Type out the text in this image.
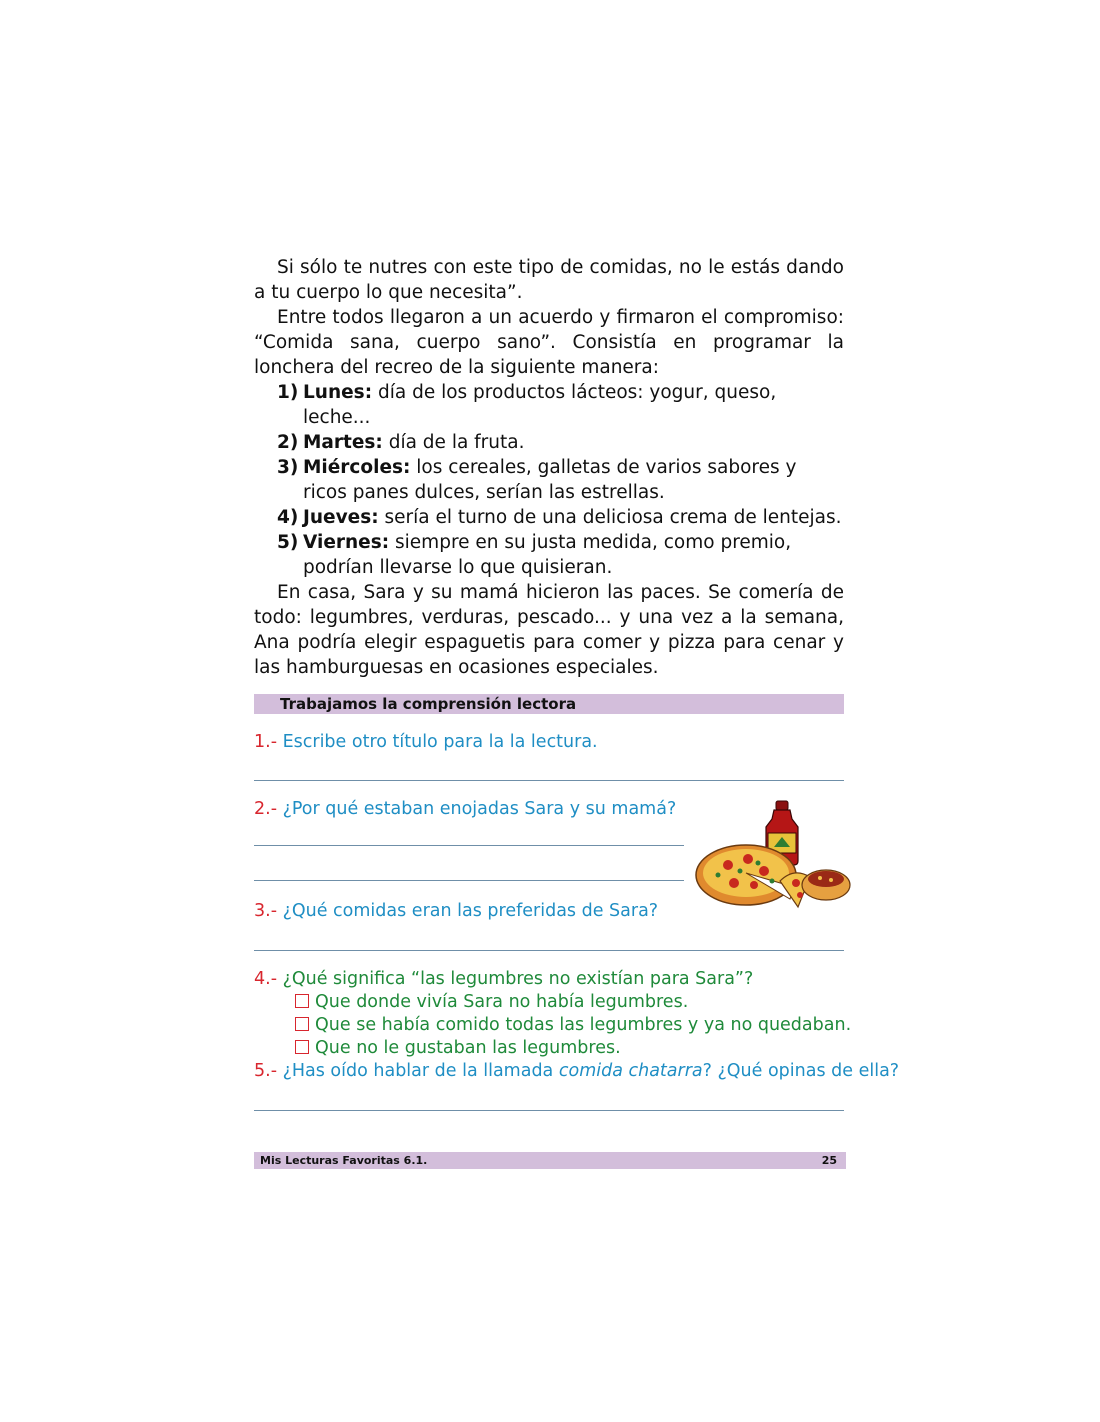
Si sólo te nutres con este tipo de comidas, no le estás dando a tu cuerpo lo que necesita”.

Entre todos llegaron a un acuerdo y firmaron el compromiso: “Comida sana, cuerpo sano”. Consistía en programar la lonchera del recreo de la siguiente manera:

1) Lunes: día de los productos lácteos: yogur, queso, leche...
2) Martes: día de la fruta.
3) Miércoles: los cereales, galletas de varios sabores y ricos panes dulces, serían las estrellas.
4) Jueves: sería el turno de una deliciosa crema de lentejas.
5) Viernes: siempre en su justa medida, como premio, podrían llevarse lo que quisieran.

En casa, Sara y su mamá hicieron las paces. Se comería de todo: legumbres, verduras, pescado... y una vez a la semana, Ana podría elegir espaguetis para comer y pizza para cenar y las hamburguesas en ocasiones especiales.

Trabajamos la comprensión lectora
1.- Escribe otro título para la la lectura.
2.- ¿Por qué estaban enojadas Sara y su mamá?
3.- ¿Qué comidas eran las preferidas de Sara?
4.- ¿Qué significa “las legumbres no existían para Sara”?
Que donde vivía Sara no había legumbres.
Que se había comido todas las legumbres y ya no quedaban.
Que no le gustaban las legumbres.
5.- ¿Has oído hablar de la llamada comida chatarra? ¿Qué opinas de ella?
Mis Lecturas Favoritas 6.1.	25
